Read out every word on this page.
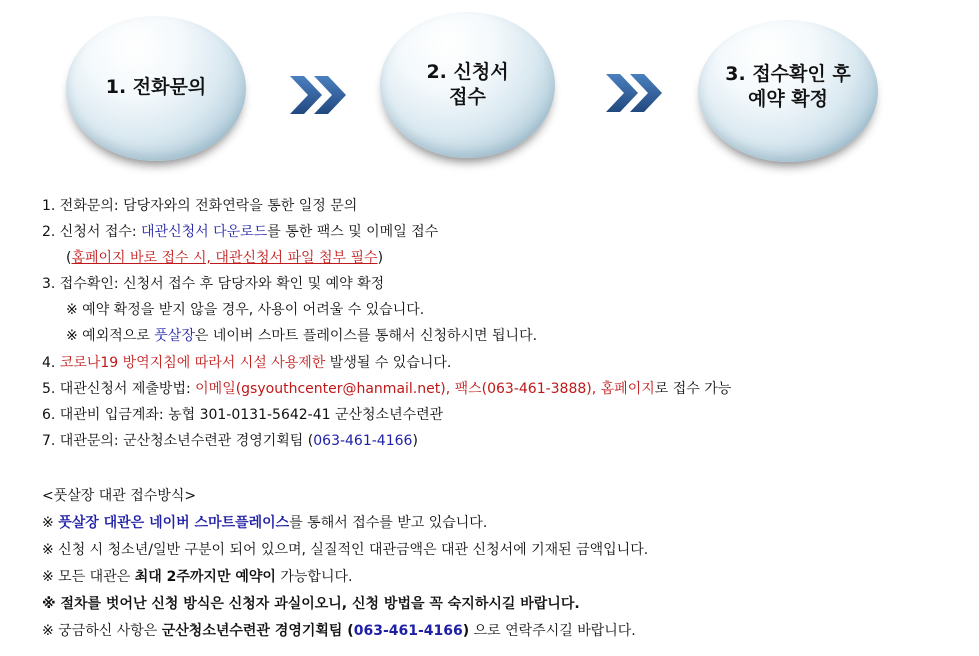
1. 전화문의
2. 신청서
접수
3. 접수확인 후
예약 확정
1. 전화문의: 담당자와의 전화연락을 통한 일정 문의
2. 신청서 접수: 대관신청서 다운로드를 통한 팩스 및 이메일 접수
(홈페이지 바로 접수 시, 대관신청서 파일 첨부 필수)
3. 접수확인: 신청서 접수 후 담당자와 확인 및 예약 확정
※ 예약 확정을 받지 않을 경우, 사용이 어려울 수 있습니다.
※ 예외적으로 풋살장은 네이버 스마트 플레이스를 통해서 신청하시면 됩니다.
4. 코로나19 방역지침에 따라서 시설 사용제한 발생될 수 있습니다.
5. 대관신청서 제출방법: 이메일(gsyouthcenter@hanmail.net), 팩스(063-461-3888), 홈페이지로 접수 가능
6. 대관비 입금계좌: 농협 301-0131-5642-41 군산청소년수련관
7. 대관문의: 군산청소년수련관 경영기획팀 (063-461-4166)
<풋살장 대관 접수방식>
※ 풋살장 대관은 네이버 스마트플레이스를 통해서 접수를 받고 있습니다.
※ 신청 시 청소년/일반 구분이 되어 있으며, 실질적인 대관금액은 대관 신청서에 기재된 금액입니다.
※ 모든 대관은 최대 2주까지만 예약이 가능합니다.
※ 절차를 벗어난 신청 방식은 신청자 과실이오니, 신청 방법을 꼭 숙지하시길 바랍니다.
※ 궁금하신 사항은 군산청소년수련관 경영기획팀 (063-461-4166) 으로 연락주시길 바랍니다.
